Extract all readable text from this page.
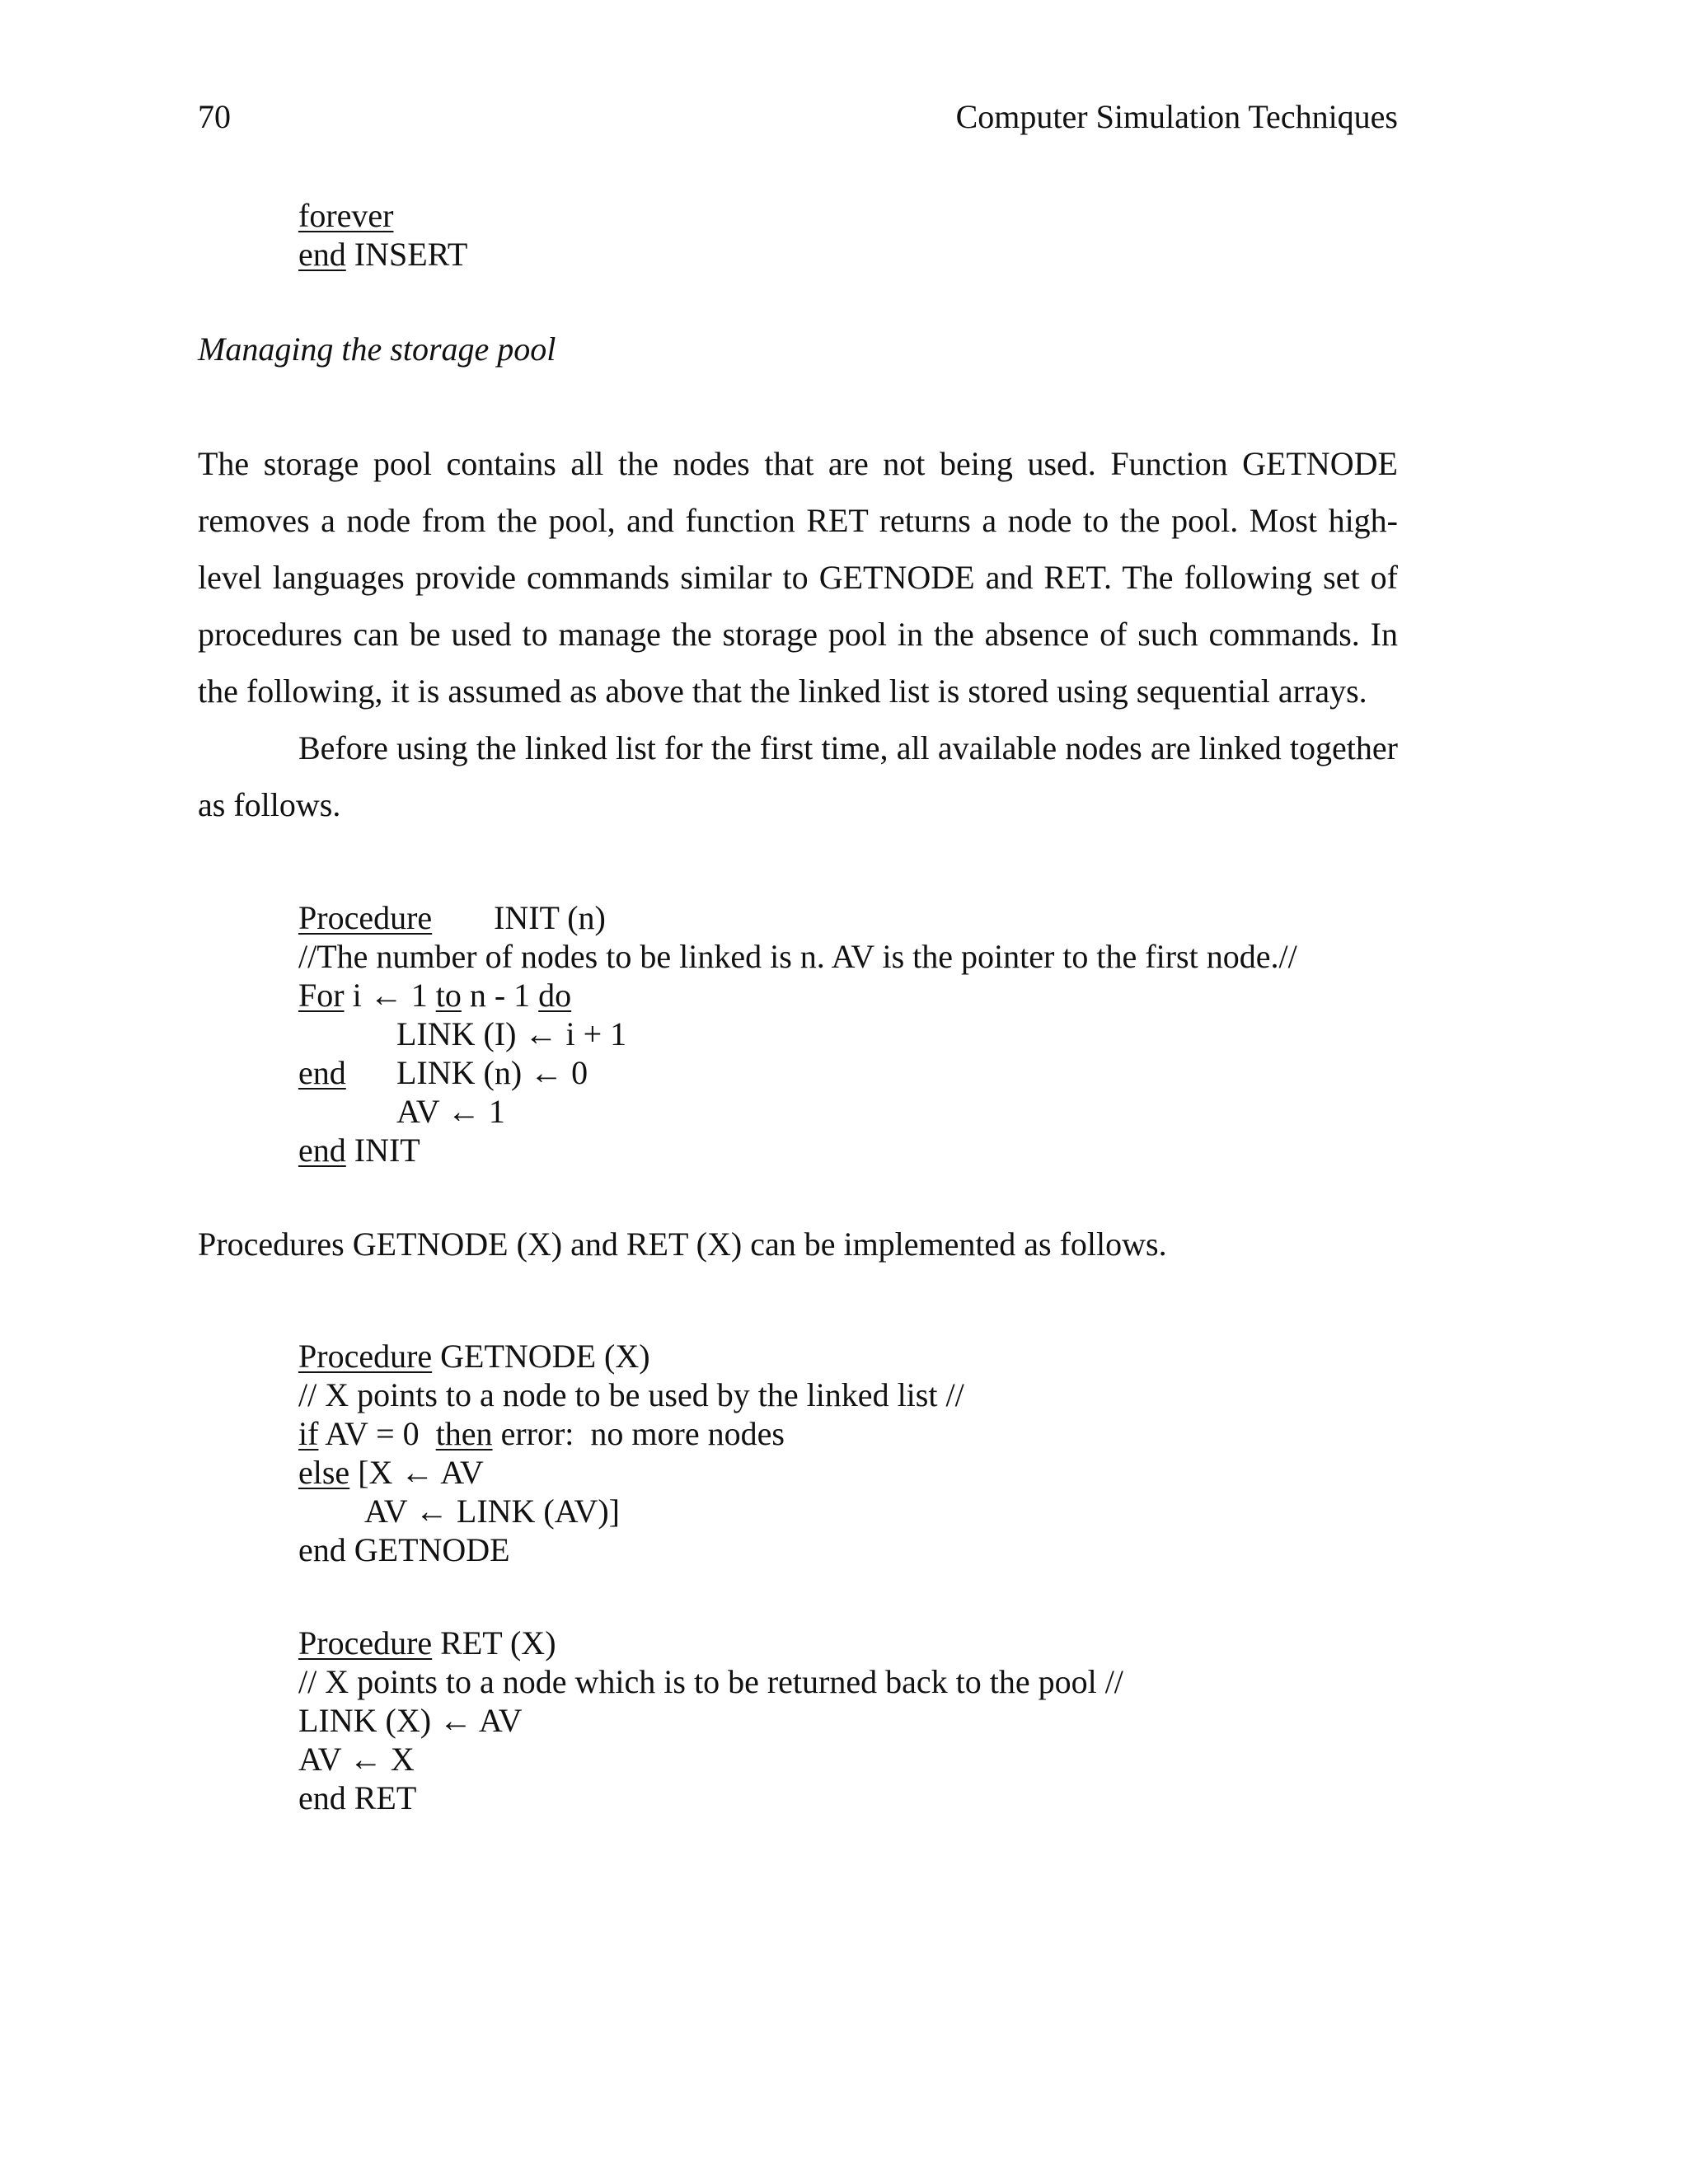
70	Computer Simulation Techniques
forever
end INSERT
Managing the storage pool

The storage pool contains all the nodes that are not being used. Function GETNODE removes a node from the pool, and function RET returns a node to the pool. Most high-level languages provide commands similar to GETNODE and RET. The following set of procedures can be used to manage the storage pool in the absence of such commands. In the following, it is assumed as above that the linked list is stored using sequential arrays.

Before using the linked list for the first time, all available nodes are linked together as follows.

Procedure INIT (n)
//The number of nodes to be linked is n. AV is the pointer to the first node.//
For i ← 1 to n - 1 do
LINK (I) ← i + 1
end LINK (n) ← 0
AV ← 1
end INIT
Procedures GETNODE (X) and RET (X) can be implemented as follows.
Procedure GETNODE (X)
// X points to a node to be used by the linked list //
if AV = 0  then error:  no more nodes
else [X ← AV
AV ← LINK (AV)]
end GETNODE
Procedure RET (X)
// X points to a node which is to be returned back to the pool //
LINK (X) ← AV
AV ← X
end RET
